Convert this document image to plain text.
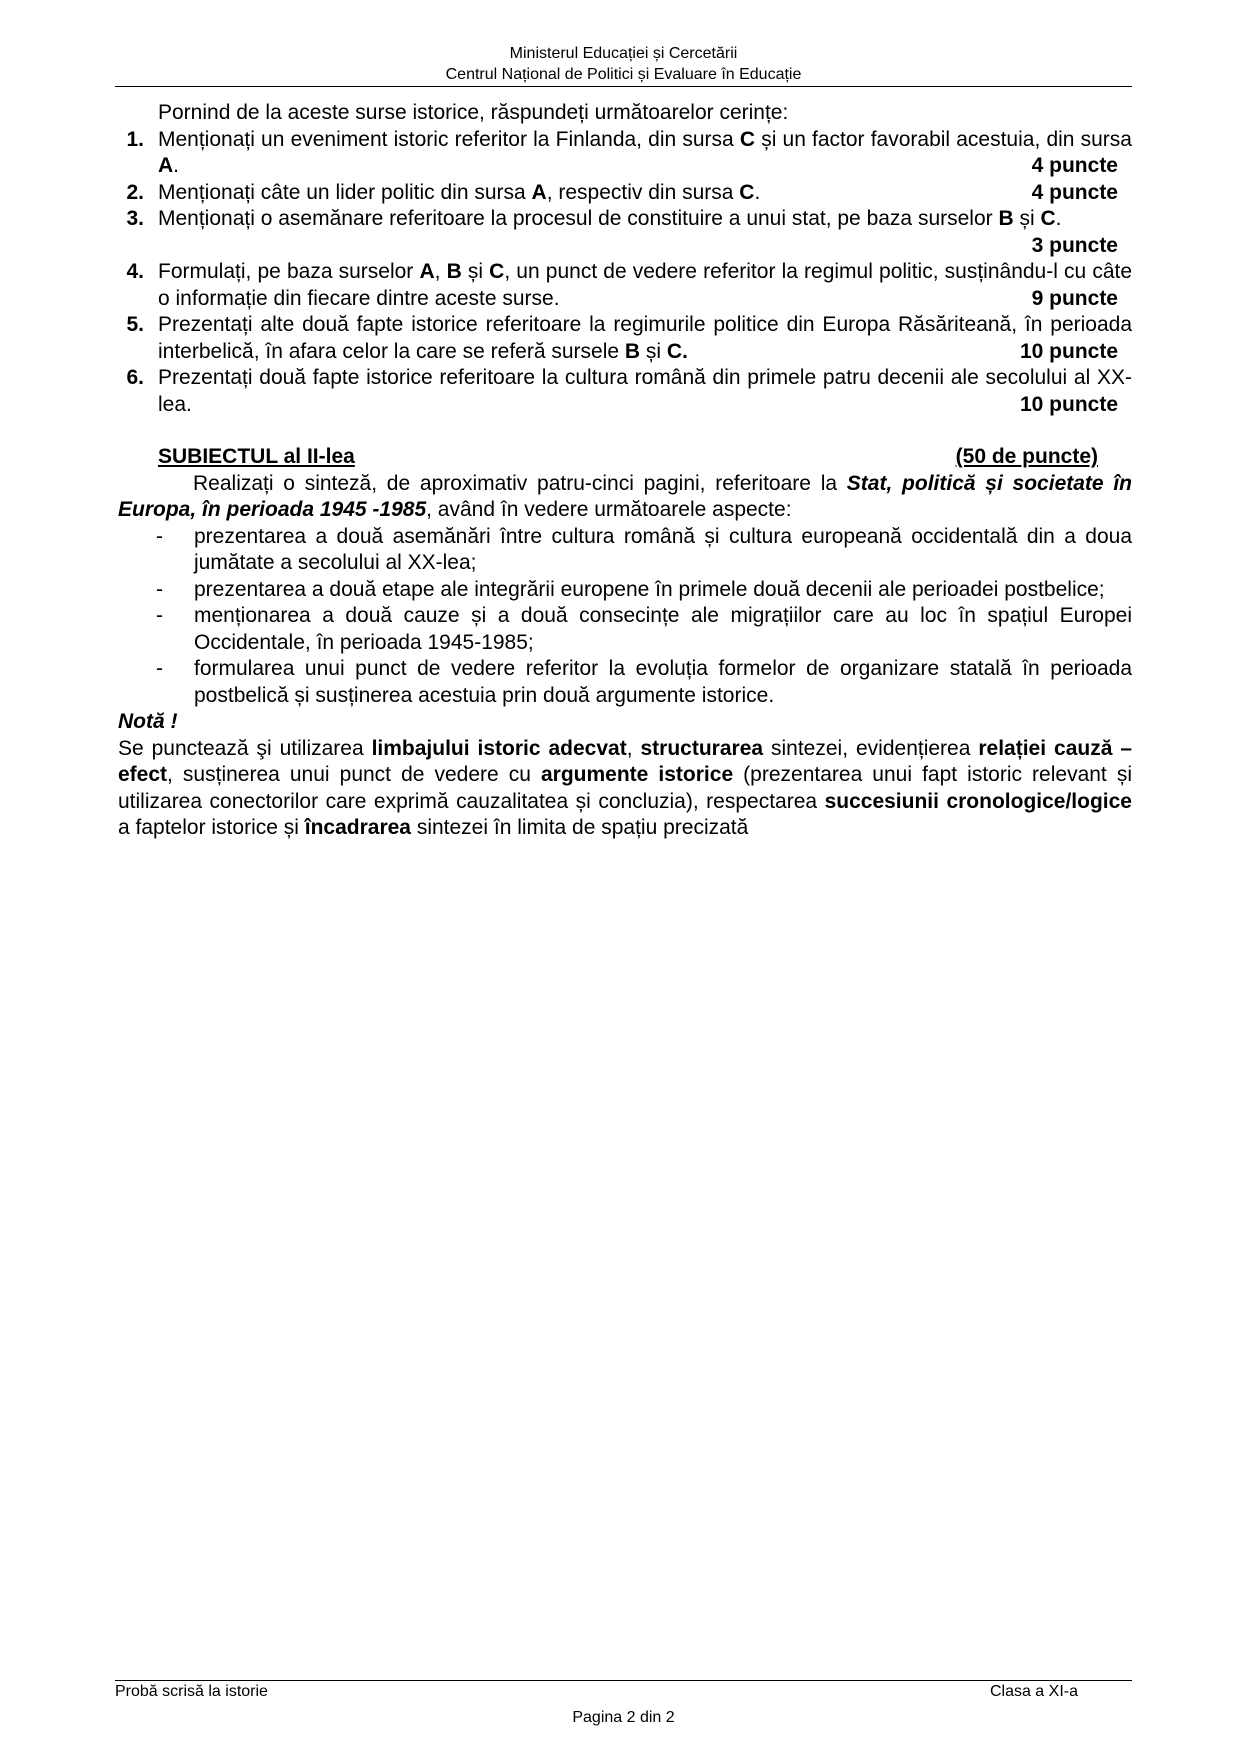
Ministerul Educației și Cercetării
Centrul Național de Politici și Evaluare în Educație
Pornind de la aceste surse istorice, răspundeți următoarelor cerințe:
1. Menționați un eveniment istoric referitor la Finlanda, din sursa C și un factor favorabil acestuia, din sursa A.	4 puncte
2. Menționați câte un lider politic din sursa A, respectiv din sursa C.	4 puncte
3. Menționați o asemănare referitoare la procesul de constituire a unui stat, pe baza surselor B și C.
3 puncte
4. Formulați, pe baza surselor A, B și C, un punct de vedere referitor la regimul politic, susținându-l cu câte o informație din fiecare dintre aceste surse.	9 puncte
5. Prezentați alte două fapte istorice referitoare la regimurile politice din Europa Răsăriteană, în perioada interbelică, în afara celor la care se referă sursele B și C.	10 puncte
6. Prezentați două fapte istorice referitoare la cultura română din primele patru decenii ale secolului al XX-lea.	10 puncte
SUBIECTUL al II-lea	(50 de puncte)
Realizați o sinteză, de aproximativ patru-cinci pagini, referitoare la Stat, politică și societate în Europa, în perioada 1945 -1985, având în vedere următoarele aspecte:
-	prezentarea a două asemănări între cultura română și cultura europeană occidentală din a doua jumătate a secolului al XX-lea;
-	prezentarea a două etape ale integrării europene în primele două decenii ale perioadei postbelice;
-	menționarea a două cauze și a două consecințe ale migrațiilor care au loc în spațiul Europei Occidentale, în perioada 1945-1985;
-	formularea unui punct de vedere referitor la evoluția formelor de organizare statală în perioada postbelică și susținerea acestuia prin două argumente istorice.
Notă !
Se punctează şi utilizarea limbajului istoric adecvat, structurarea sintezei, evidențierea relației cauză – efect, susținerea unui punct de vedere cu argumente istorice (prezentarea unui fapt istoric relevant și utilizarea conectorilor care exprimă cauzalitatea și concluzia), respectarea succesiunii cronologice/logice a faptelor istorice și încadrarea sintezei în limita de spațiu precizată
Probă scrisă la istorie	Clasa a XI-a
Pagina 2 din 2
